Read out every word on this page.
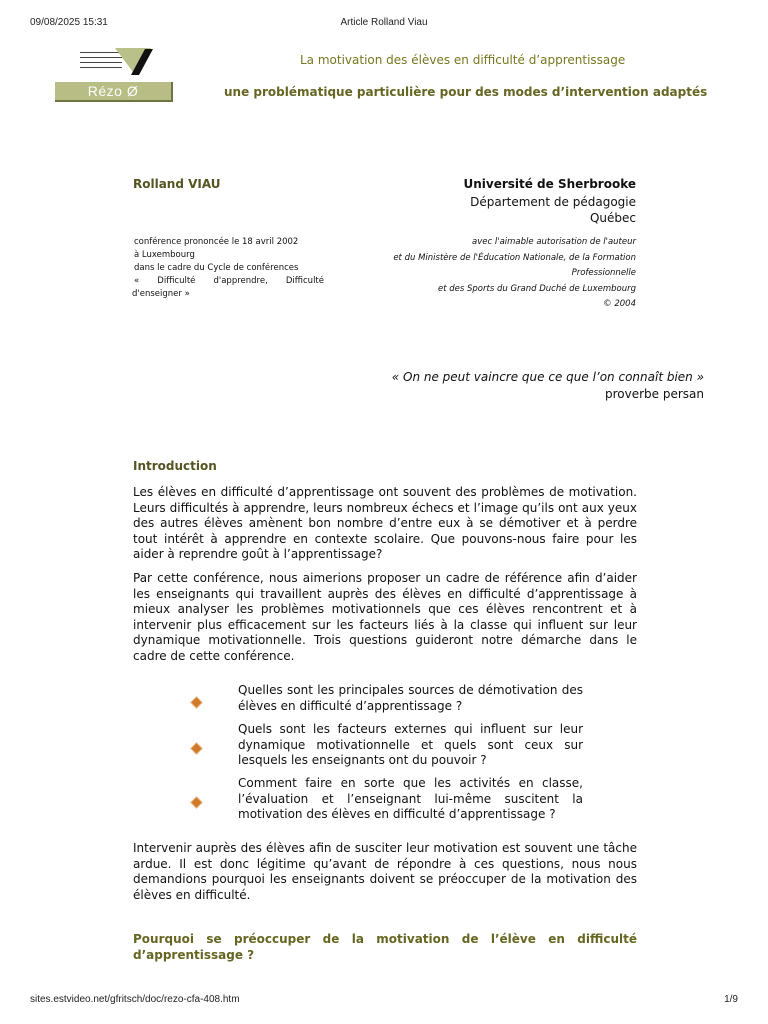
09/08/2025 15:31	Article Rolland Viau
Rézo Ø
La motivation des élèves en difficulté d’apprentissage
une problématique particulière pour des modes d’intervention adaptés
Rolland VIAU	Université de Sherbrooke
Département de pédagogie
Québec
conférence prononcée le 18 avril 2002
à Luxembourg
dans le cadre du Cycle de conférences
« Difficulté d'apprendre, Difficulté
d'enseigner »
avec l'aimable autorisation de l'auteur
et du Ministère de l'Éducation Nationale, de la Formation
Professionnelle
et des Sports du Grand Duché de Luxembourg
© 2004
« On ne peut vaincre que ce que l’on connaît bien »
proverbe persan
Introduction
Les élèves en difficulté d’apprentissage ont souvent des problèmes de motivation. Leurs difficultés à apprendre, leurs nombreux échecs et l’image qu’ils ont aux yeux des autres élèves amènent bon nombre d’entre eux à se démotiver et à perdre tout intérêt à apprendre en contexte scolaire. Que pouvons-nous faire pour les aider à reprendre goût à l’apprentissage?
Par cette conférence, nous aimerions proposer un cadre de référence afin d’aider les enseignants qui travaillent auprès des élèves en difficulté d’apprentissage à mieux analyser les problèmes motivationnels que ces élèves rencontrent et à intervenir plus efficacement sur les facteurs liés à la classe qui influent sur leur dynamique motivationnelle. Trois questions guideront notre démarche dans le cadre de cette conférence.
Quelles sont les principales sources de démotivation des élèves en difficulté d’apprentissage ?
Quels sont les facteurs externes qui influent sur leur dynamique motivationnelle et quels sont ceux sur lesquels les enseignants ont du pouvoir ?
Comment faire en sorte que les activités en classe, l’évaluation et l’enseignant lui-même suscitent la motivation des élèves en difficulté d’apprentissage ?
Intervenir auprès des élèves afin de susciter leur motivation est souvent une tâche ardue. Il est donc légitime qu’avant de répondre à ces questions, nous nous demandions pourquoi les enseignants doivent se préoccuper de la motivation des élèves en difficulté.
Pourquoi se préoccuper de la motivation de l’élève en difficulté d’apprentissage ?
sites.estvideo.net/gfritsch/doc/rezo-cfa-408.htm	1/9
